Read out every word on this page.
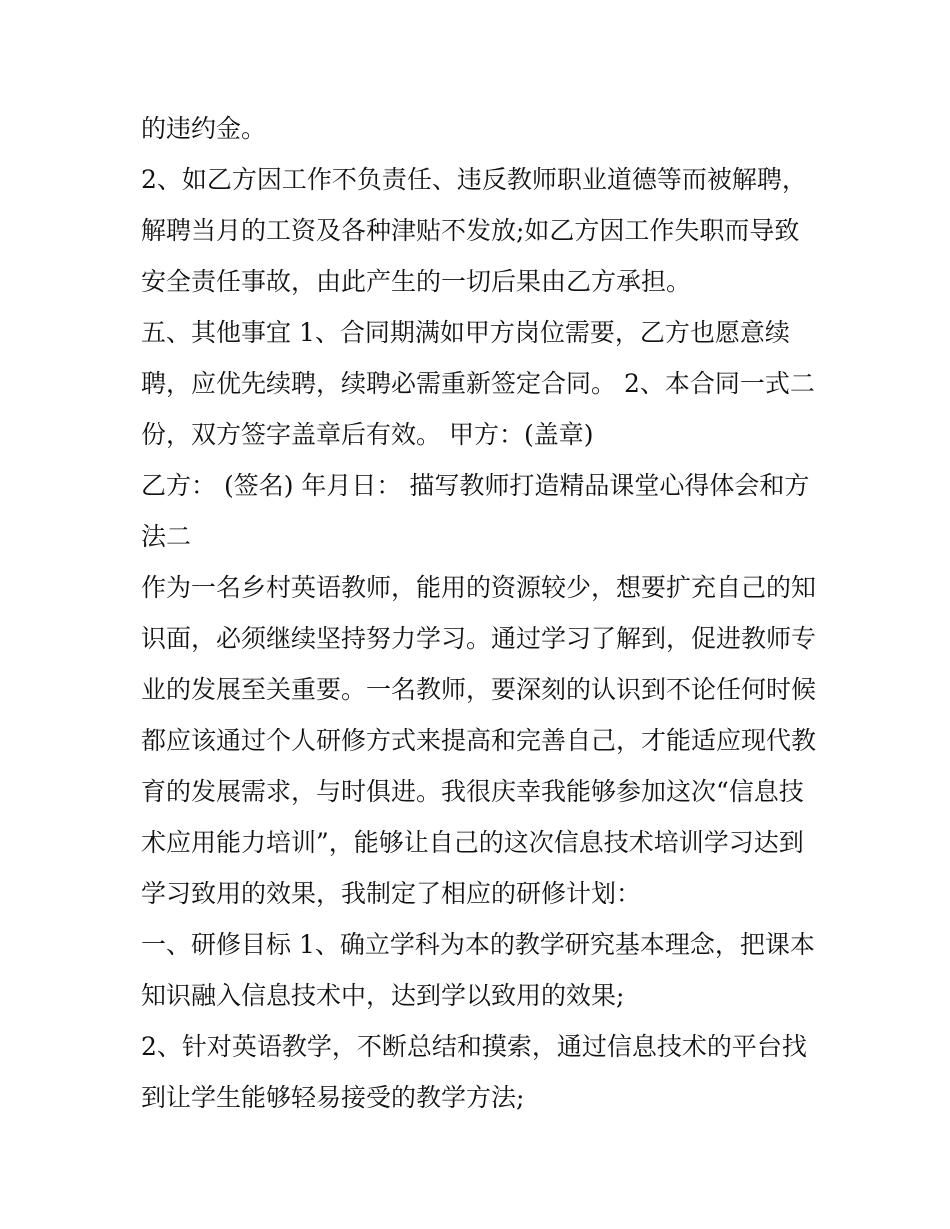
的违约金。
2、如乙方因工作不负责任、违反教师职业道德等而被解聘，
解聘当月的工资及各种津贴不发放;如乙方因工作失职而导致
安全责任事故，由此产生的一切后果由乙方承担。
五、其他事宜 1、合同期满如甲方岗位需要，乙方也愿意续
聘，应优先续聘，续聘必需重新签定合同。 2、本合同一式二
份，双方签字盖章后有效。 甲方：(盖章)
乙方： (签名) 年月日： 描写教师打造精品课堂心得体会和方
法二
作为一名乡村英语教师，能用的资源较少，想要扩充自己的知
识面，必须继续坚持努力学习。通过学习了解到，促进教师专
业的发展至关重要。一名教师，要深刻的认识到不论任何时候
都应该通过个人研修方式来提高和完善自己，才能适应现代教
育的发展需求，与时俱进。我很庆幸我能够参加这次“信息技
术应用能力培训”，能够让自己的这次信息技术培训学习达到
学习致用的效果，我制定了相应的研修计划：
一、研修目标 1、确立学科为本的教学研究基本理念，把课本
知识融入信息技术中，达到学以致用的效果;
2、针对英语教学，不断总结和摸索，通过信息技术的平台找
到让学生能够轻易接受的教学方法;
